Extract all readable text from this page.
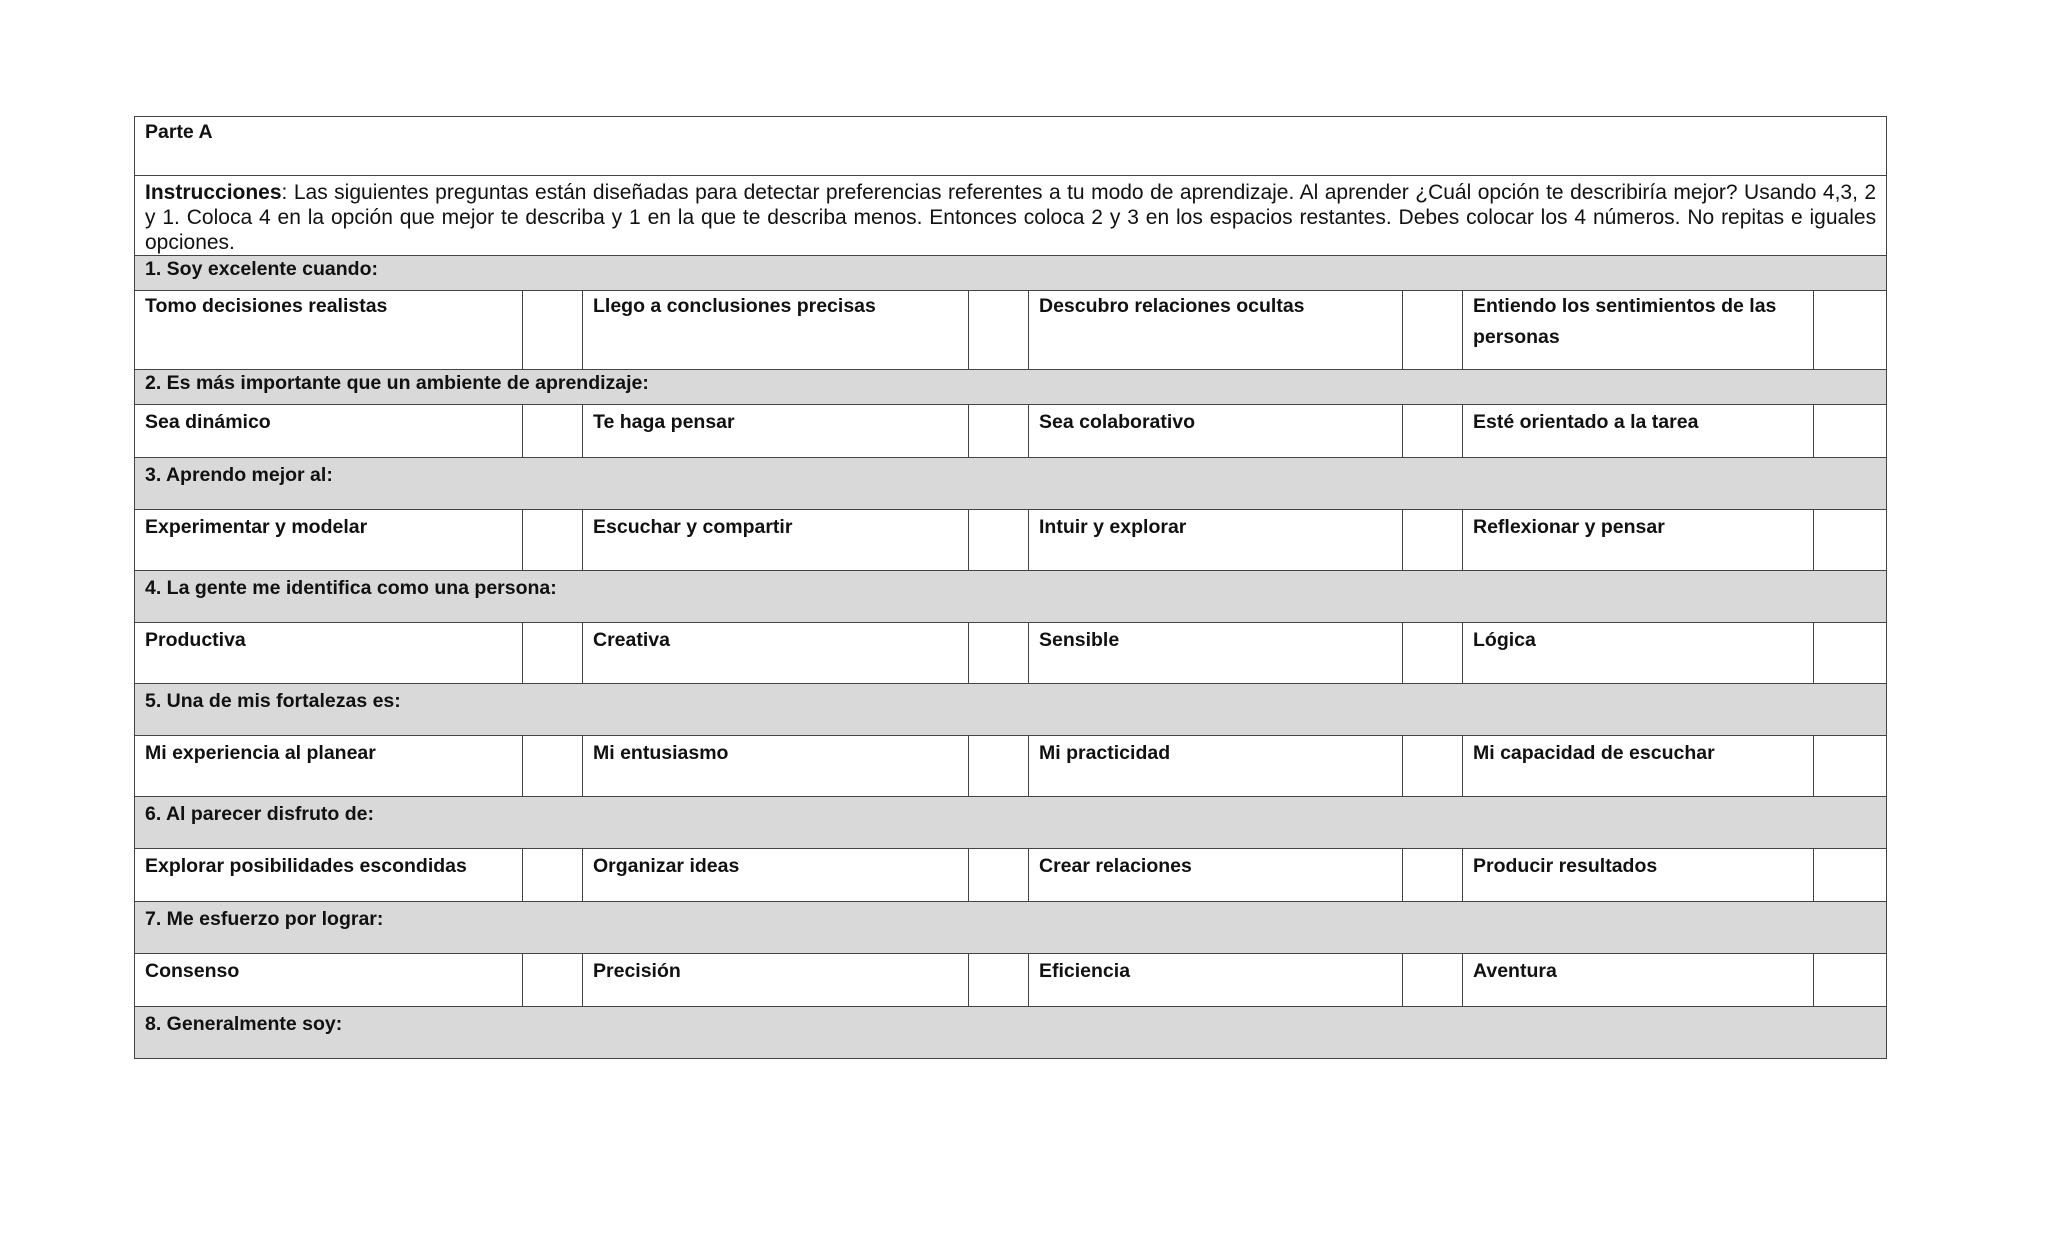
Parte A							
Instrucciones: Las siguientes preguntas están diseñadas para detectar preferencias referentes a tu modo de aprendizaje. Al aprender ¿Cuál opción te describiría mejor? Usando 4,3, 2 y 1. Coloca 4 en la opción que mejor te describa y 1 en la que te describa menos. Entonces coloca 2 y 3 en los espacios restantes. Debes colocar los 4 números. No repitas e iguales opciones.							
1. Soy excelente cuando:							
Tomo decisiones realistas		Llego a conclusiones precisas		Descubro relaciones ocultas		Entiendo los sentimientos de las personas	
2. Es más importante que un ambiente de aprendizaje:							
Sea dinámico		Te haga pensar		Sea colaborativo		Esté orientado a la tarea	
3. Aprendo mejor al:							
Experimentar y modelar		Escuchar y compartir		Intuir y explorar		Reflexionar y pensar	
4. La gente me identifica como una persona:							
Productiva		Creativa		Sensible		Lógica	
5. Una de mis fortalezas es:							
Mi experiencia al planear		Mi entusiasmo		Mi practicidad		Mi capacidad de escuchar	
6. Al parecer disfruto de:							
Explorar posibilidades escondidas		Organizar ideas		Crear relaciones		Producir resultados	
7. Me esfuerzo por lograr:							
Consenso		Precisión		Eficiencia		Aventura	
8. Generalmente soy:							
